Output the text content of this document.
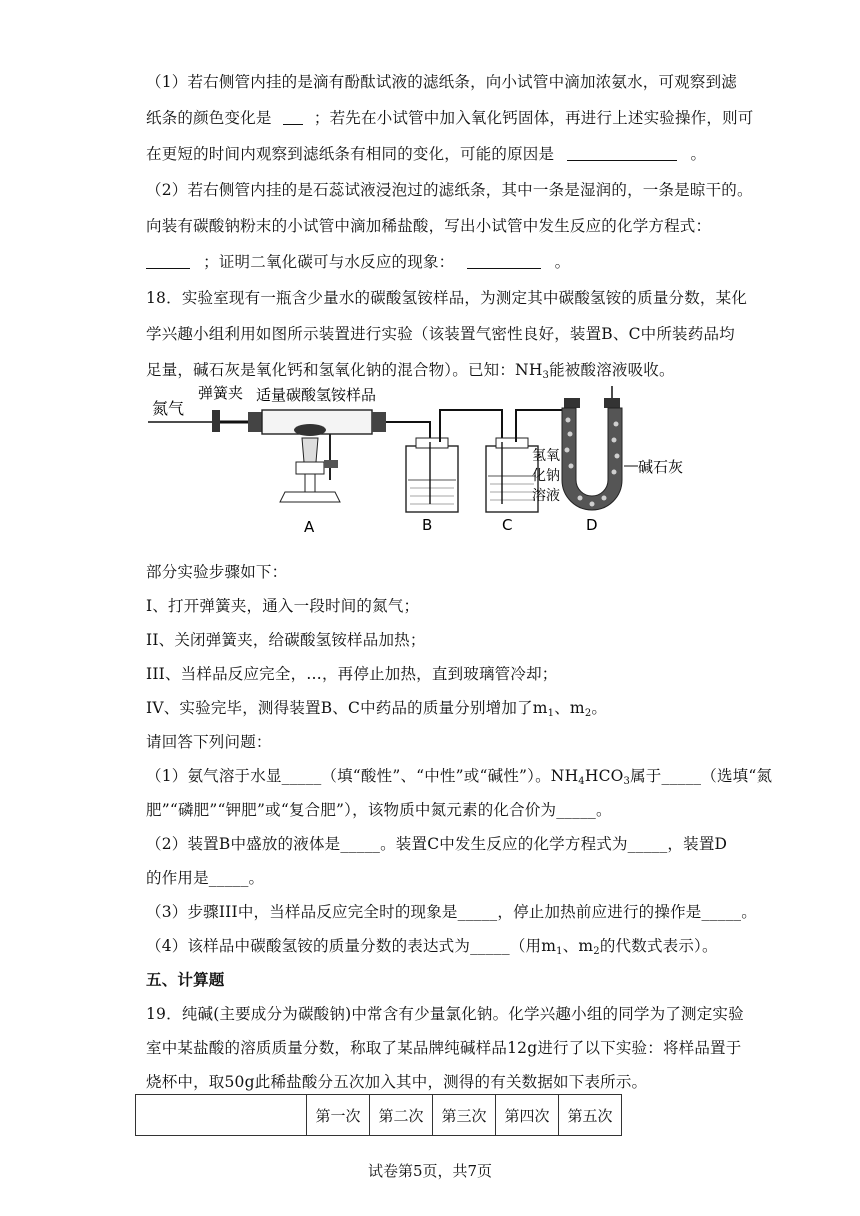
（1）若右侧管内挂的是滴有酚酞试液的滤纸条，向小试管中滴加浓氨水，可观察到滤
纸条的颜色变化是	；若先在小试管中加入氧化钙固体，再进行上述实验操作，则可
在更短的时间内观察到滤纸条有相同的变化，可能的原因是	。
（2）若右侧管内挂的是石蕊试液浸泡过的滤纸条，其中一条是湿润的，一条是晾干的。
向装有碳酸钠粉末的小试管中滴加稀盐酸，写出小试管中发生反应的化学方程式：
；证明二氧化碳可与水反应的现象：	。
18．实验室现有一瓶含少量水的碳酸氢铵样品，为测定其中碳酸氢铵的质量分数，某化
学兴趣小组利用如图所示装置进行实验（该装置气密性良好，装置B、C中所装药品均
足量，碱石灰是氧化钙和氢氧化钠的混合物）。已知：$NH_3$能被酸溶液吸收。
氮气
弹簧夹 适量碳酸氢铵样品
A	B
氢氧
化钠
溶液
C
碱石灰
D
部分实验步骤如下：
I、打开弹簧夹，通入一段时间的氮气；
II、关闭弹簧夹，给碳酸氢铵样品加热；
III、当样品反应完全，…，再停止加热，直到玻璃管冷却；
IV、实验完毕，测得装置B、C中药品的质量分别增加了$m_1$、$m_2$。
请回答下列问题：
（1）氨气溶于水显_____（填“酸性”、“中性”或“碱性”）。$NH_4HCO_3$属于_____（选填“氮
肥”“磷肥”“钾肥”或“复合肥”），该物质中氮元素的化合价为_____。
（2）装置B中盛放的液体是_____。装置C中发生反应的化学方程式为_____，装置D
的作用是_____。
（3）步骤III中，当样品反应完全时的现象是_____，停止加热前应进行的操作是_____。
（4）该样品中碳酸氢铵的质量分数的表达式为_____（用$m_1$、$m_2$的代数式表示）。
五、计算题
19．纯碱(主要成分为碳酸钠)中常含有少量氯化钠。化学兴趣小组的同学为了测定实验
室中某盐酸的溶质质量分数，称取了某品牌纯碱样品12g进行了以下实验：将样品置于
烧杯中，取50g此稀盐酸分五次加入其中，测得的有关数据如下表所示。
	第一次	第二次	第三次	第四次	第五次
试卷第5页，共7页
